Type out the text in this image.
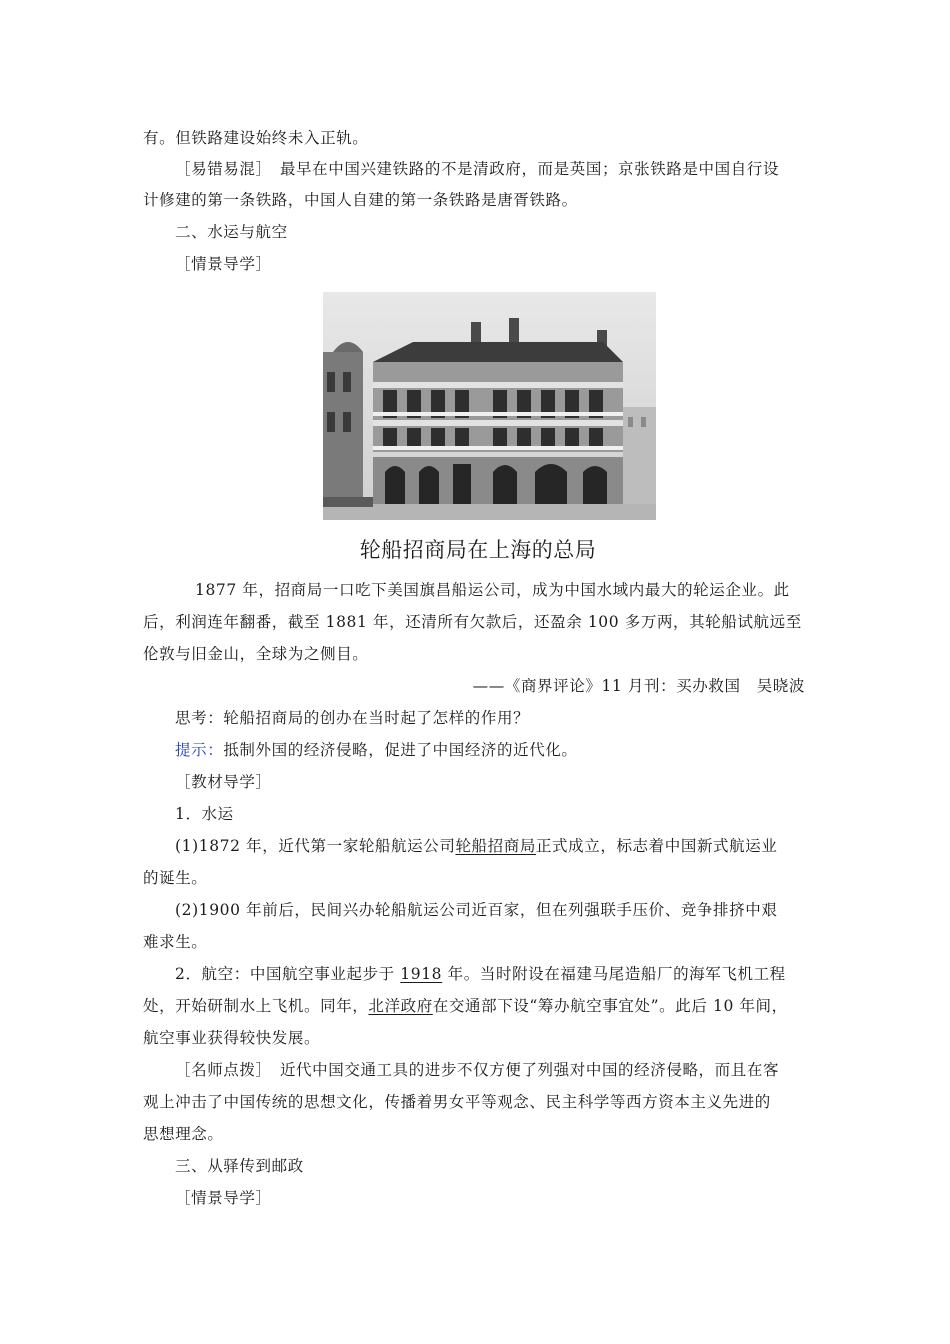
有。但铁路建设始终未入正轨。
［易错易混］　最早在中国兴建铁路的不是清政府，而是英国；京张铁路是中国自行设
计修建的第一条铁路，中国人自建的第一条铁路是唐胥铁路。
二、水运与航空
［情景导学］
轮船招商局在上海的总局
1877 年，招商局一口吃下美国旗昌船运公司，成为中国水域内最大的轮运企业。此
后，利润连年翻番，截至 1881 年，还清所有欠款后，还盈余 100 多万两，其轮船试航远至
伦敦与旧金山，全球为之侧目。
——《商界评论》11 月刊：买办救国　吴晓波
思考：轮船招商局的创办在当时起了怎样的作用？
提示：抵制外国的经济侵略，促进了中国经济的近代化。
［教材导学］
1．水运
(1)1872 年，近代第一家轮船航运公司轮船招商局正式成立，标志着中国新式航运业
的诞生。
(2)1900 年前后，民间兴办轮船航运公司近百家，但在列强联手压价、竞争排挤中艰
难求生。
2．航空：中国航空事业起步于 1918 年。当时附设在福建马尾造船厂的海军飞机工程
处，开始研制水上飞机。同年，北洋政府在交通部下设“筹办航空事宜处”。此后 10 年间，
航空事业获得较快发展。
［名师点拨］　近代中国交通工具的进步不仅方便了列强对中国的经济侵略，而且在客
观上冲击了中国传统的思想文化，传播着男女平等观念、民主科学等西方资本主义先进的
思想理念。
三、从驿传到邮政
［情景导学］
